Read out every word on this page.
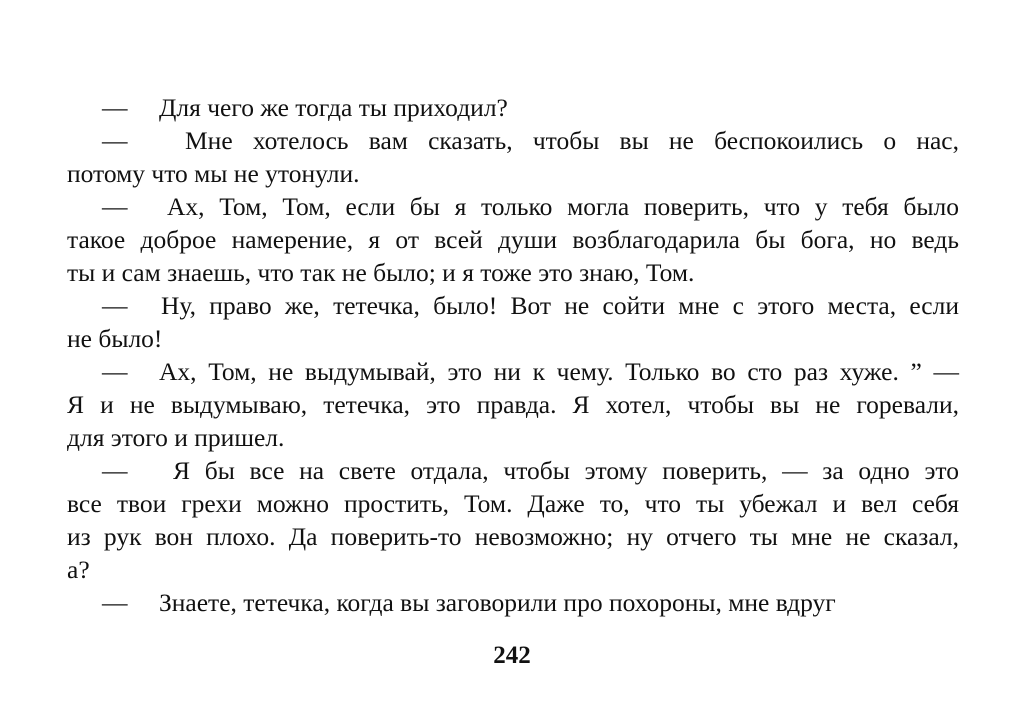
— Для чего же тогда ты приходил?
— Мне хотелось вам сказать, чтобы вы не беспокоились о нас,
потому что мы не утонули.
— Ах, Том, Том, если бы я только могла поверить, что у тебя было
такое доброе намерение, я от всей души возблагодарила бы бога, но ведь
ты и сам знаешь, что так не было; и я тоже это знаю, Том.
— Ну, право же, тетечка, было! Вот не сойти мне с этого места, если
не было!
— Ах, Том, не выдумывай, это ни к чему. Только во сто раз хуже. ” —
Я и не выдумываю, тетечка, это правда. Я хотел, чтобы вы не горевали,
для этого и пришел.
— Я бы все на свете отдала, чтобы этому поверить, — за одно это
все твои грехи можно простить, Том. Даже то, что ты убежал и вел себя
из рук вон плохо. Да поверить-то невозможно; ну отчего ты мне не сказал,
а?
— Знаете, тетечка, когда вы заговорили про похороны, мне вдруг
242
